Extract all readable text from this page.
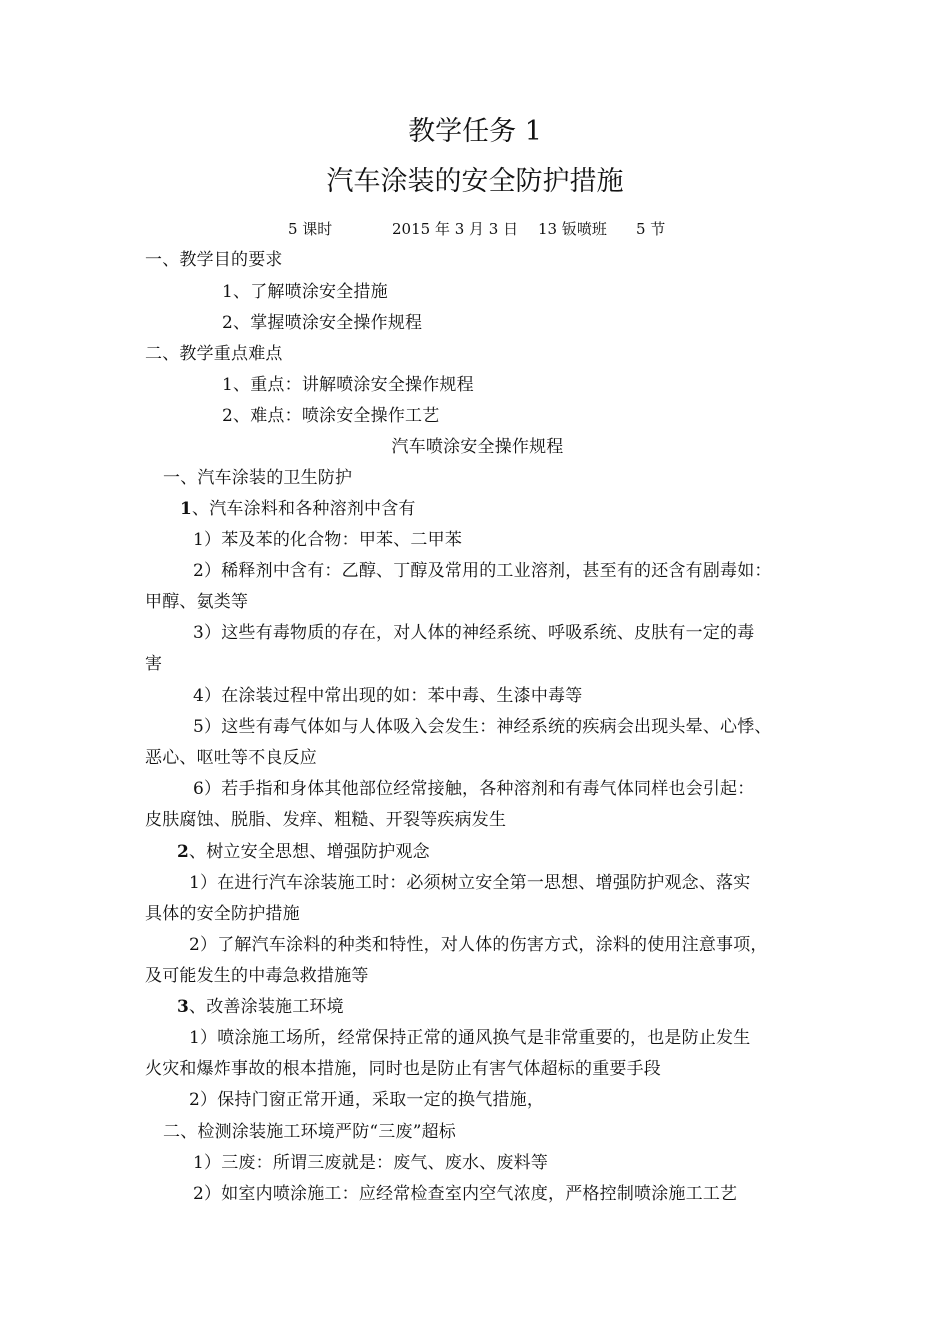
教学任务 1
汽车涂装的安全防护措施
5 课时	2015 年 3 月 3 日 13 钣喷班 5 节
一、教学目的要求
1、了解喷涂安全措施
2、掌握喷涂安全操作规程
二、教学重点难点
1、重点：讲解喷涂安全操作规程
2、难点：喷涂安全操作工艺
汽车喷涂安全操作规程
一、汽车涂装的卫生防护
1、汽车涂料和各种溶剂中含有
1）苯及苯的化合物：甲苯、二甲苯
2）稀释剂中含有：乙醇、丁醇及常用的工业溶剂，甚至有的还含有剧毒如：
甲醇、氨类等
3）这些有毒物质的存在，对人体的神经系统、呼吸系统、皮肤有一定的毒
害
4）在涂装过程中常出现的如：苯中毒、生漆中毒等
5）这些有毒气体如与人体吸入会发生：神经系统的疾病会出现头晕、心悸、
恶心、呕吐等不良反应
6）若手指和身体其他部位经常接触，各种溶剂和有毒气体同样也会引起：
皮肤腐蚀、脱脂、发痒、粗糙、开裂等疾病发生
2、树立安全思想、增强防护观念
1）在进行汽车涂装施工时：必须树立安全第一思想、增强防护观念、落实
具体的安全防护措施
2）了解汽车涂料的种类和特性，对人体的伤害方式，涂料的使用注意事项，
及可能发生的中毒急救措施等
3、改善涂装施工环境
1）喷涂施工场所，经常保持正常的通风换气是非常重要的，也是防止发生
火灾和爆炸事故的根本措施，同时也是防止有害气体超标的重要手段
2）保持门窗正常开通，采取一定的换气措施，
二、检测涂装施工环境严防“三废”超标
1）三废：所谓三废就是：废气、废水、废料等
2）如室内喷涂施工：应经常检查室内空气浓度，严格控制喷涂施工工艺
